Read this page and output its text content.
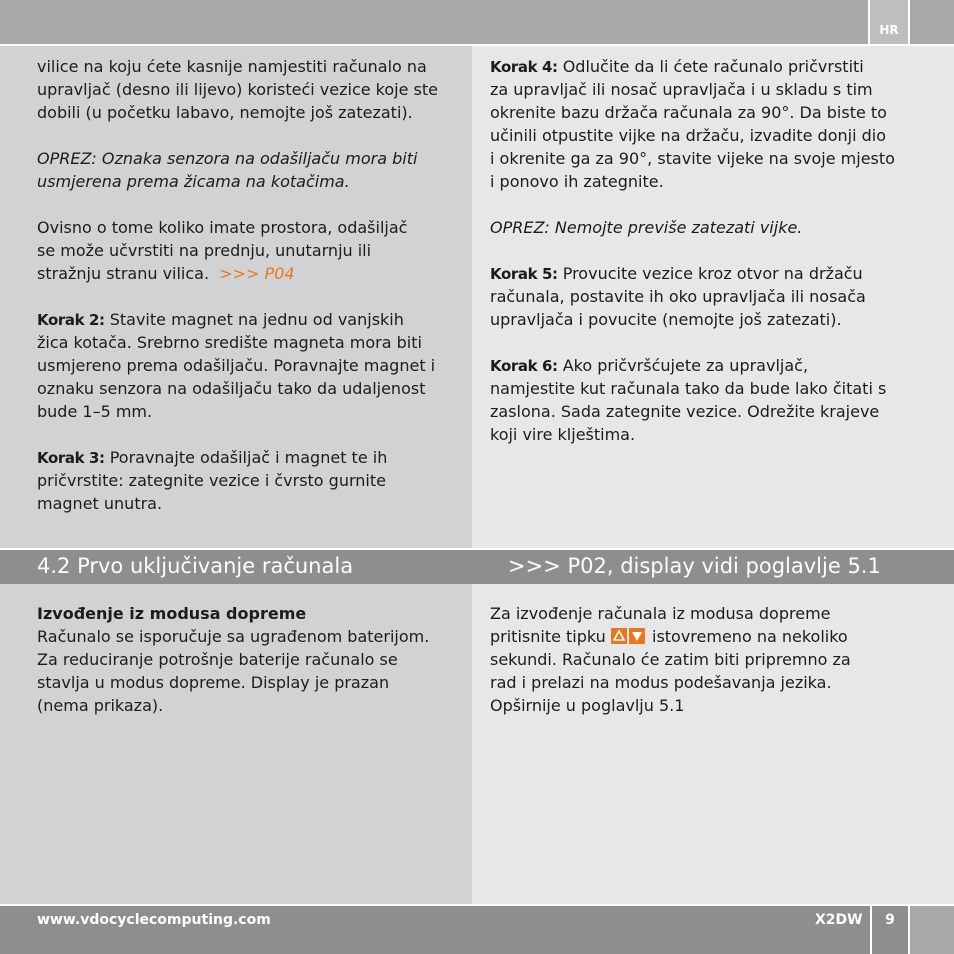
HR
vilice na koju ćete kasnije namjestiti računalo na
upravljač (desno ili lijevo) koristeći vezice koje ste
dobili (u početku labavo, nemojte još zatezati).
OPREZ: Oznaka senzora na odašiljaču mora biti
usmjerena prema žicama na kotačima.
Ovisno o tome koliko imate prostora, odašiljač
se može učvrstiti na prednju, unutarnju ili
stražnju stranu vilica. >>> P04
Korak 2: Stavite magnet na jednu od vanjskih
žica kotača. Srebrno središte magneta mora biti
usmjereno prema odašiljaču. Poravnajte magnet i
oznaku senzora na odašiljaču tako da udaljenost
bude 1–5 mm.
Korak 3: Poravnajte odašiljač i magnet te ih
pričvrstite: zategnite vezice i čvrsto gurnite
magnet unutra.
Korak 4: Odlučite da li ćete računalo pričvrstiti
za upravljač ili nosač upravljača i u skladu s tim
okrenite bazu držača računala za 90°. Da biste to
učinili otpustite vijke na držaču, izvadite donji dio
i okrenite ga za 90°, stavite vijeke na svoje mjesto
i ponovo ih zategnite.
OPREZ: Nemojte previše zatezati vijke.
Korak 5: Provucite vezice kroz otvor na držaču
računala, postavite ih oko upravljača ili nosača
upravljača i povucite (nemojte još zatezati).
Korak 6: Ako pričvršćujete za upravljač,
namjestite kut računala tako da bude lako čitati s
zaslona. Sada zategnite vezice. Odrežite krajeve
koji vire klještima.
4.2 Prvo uključivanje računala	>>> P02, display vidi poglavlje 5.1
Izvođenje iz modusa dopreme
Računalo se isporučuje sa ugrađenom baterijom.
Za reduciranje potrošnje baterije računalo se
stavlja u modus dopreme. Display je prazan
(nema prikaza).
Za izvođenje računala iz modusa dopreme
pritisnite tipku
istovremeno na nekoliko
sekundi. Računalo će zatim biti pripremno za
rad i prelazi na modus podešavanja jezika.
Opširnije u poglavlju 5.1
www.vdocyclecomputing.com	X2DW	9
